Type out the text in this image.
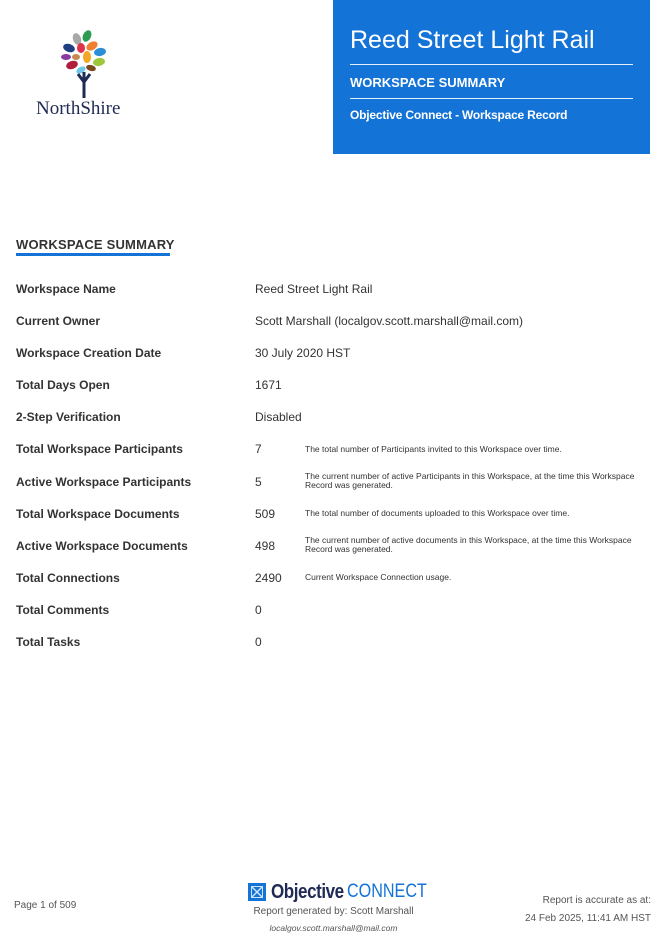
NorthShire
Reed Street Light Rail
WORKSPACE SUMMARY
Objective Connect - Workspace Record
WORKSPACE SUMMARY
Workspace Name	Reed Street Light Rail
Current Owner	Scott Marshall (localgov.scott.marshall@mail.com)
Workspace Creation Date	30 July 2020 HST
Total Days Open	1671
2-Step Verification	Disabled
Total Workspace Participants	7	The total number of Participants invited to this Workspace over time.
Active Workspace Participants	5	The current number of active Participants in this Workspace, at the time this Workspace Record was generated.
Total Workspace Documents	509	The total number of documents uploaded to this Workspace over time.
Active Workspace Documents	498	The current number of active documents in this Workspace, at the time this Workspace Record was generated.
Total Connections	2490	Current Workspace Connection usage.
Total Comments	0
Total Tasks	0
Page 1 of 509
Objective CONNECT
Report generated by: Scott Marshall
localgov.scott.marshall@mail.com
Report is accurate as at:
24 Feb 2025, 11:41 AM HST
